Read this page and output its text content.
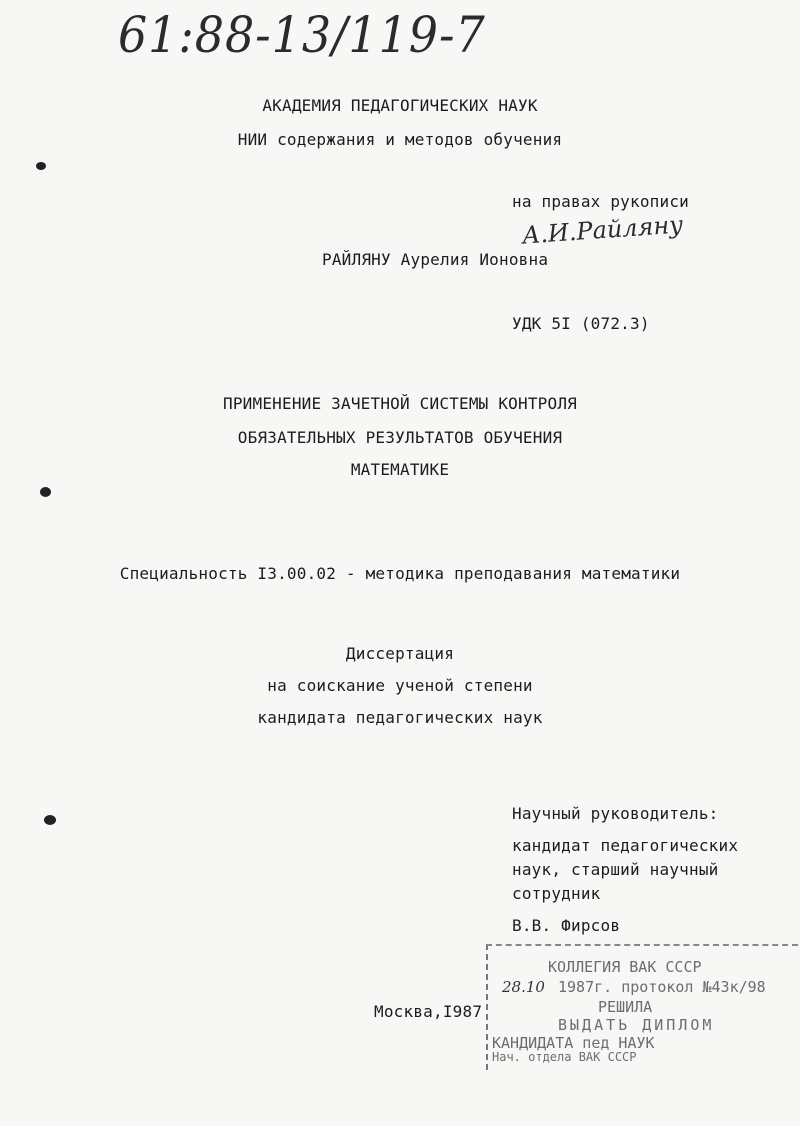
61:88-13/119-7
АКАДЕМИЯ ПЕДАГОГИЧЕСКИХ НАУК
НИИ содержания и методов обучения
на правах рукописи
А.И.Райляну
РАЙЛЯНУ Аурелия Ионовна
УДК 5I (072.3)
ПРИМЕНЕНИЕ ЗАЧЕТНОЙ СИСТЕМЫ КОНТРОЛЯ
ОБЯЗАТЕЛЬНЫХ РЕЗУЛЬТАТОВ ОБУЧЕНИЯ
МАТЕМАТИКЕ
Специальность I3.00.02 - методика преподавания математики
Диссертация
на соискание ученой степени
кандидата педагогических наук
Научный руководитель:
кандидат педагогических
наук, старший научный
сотрудник
В.В. Фирсов
Москва,I987
КОЛЛЕГИЯ ВАК СССР
28.10 1987г. протокол №43к/98
РЕШИЛА
ВЫДАТЬ ДИПЛОМ
КАНДИДАТА пед НАУК
Нач. отдела ВАК СССР
